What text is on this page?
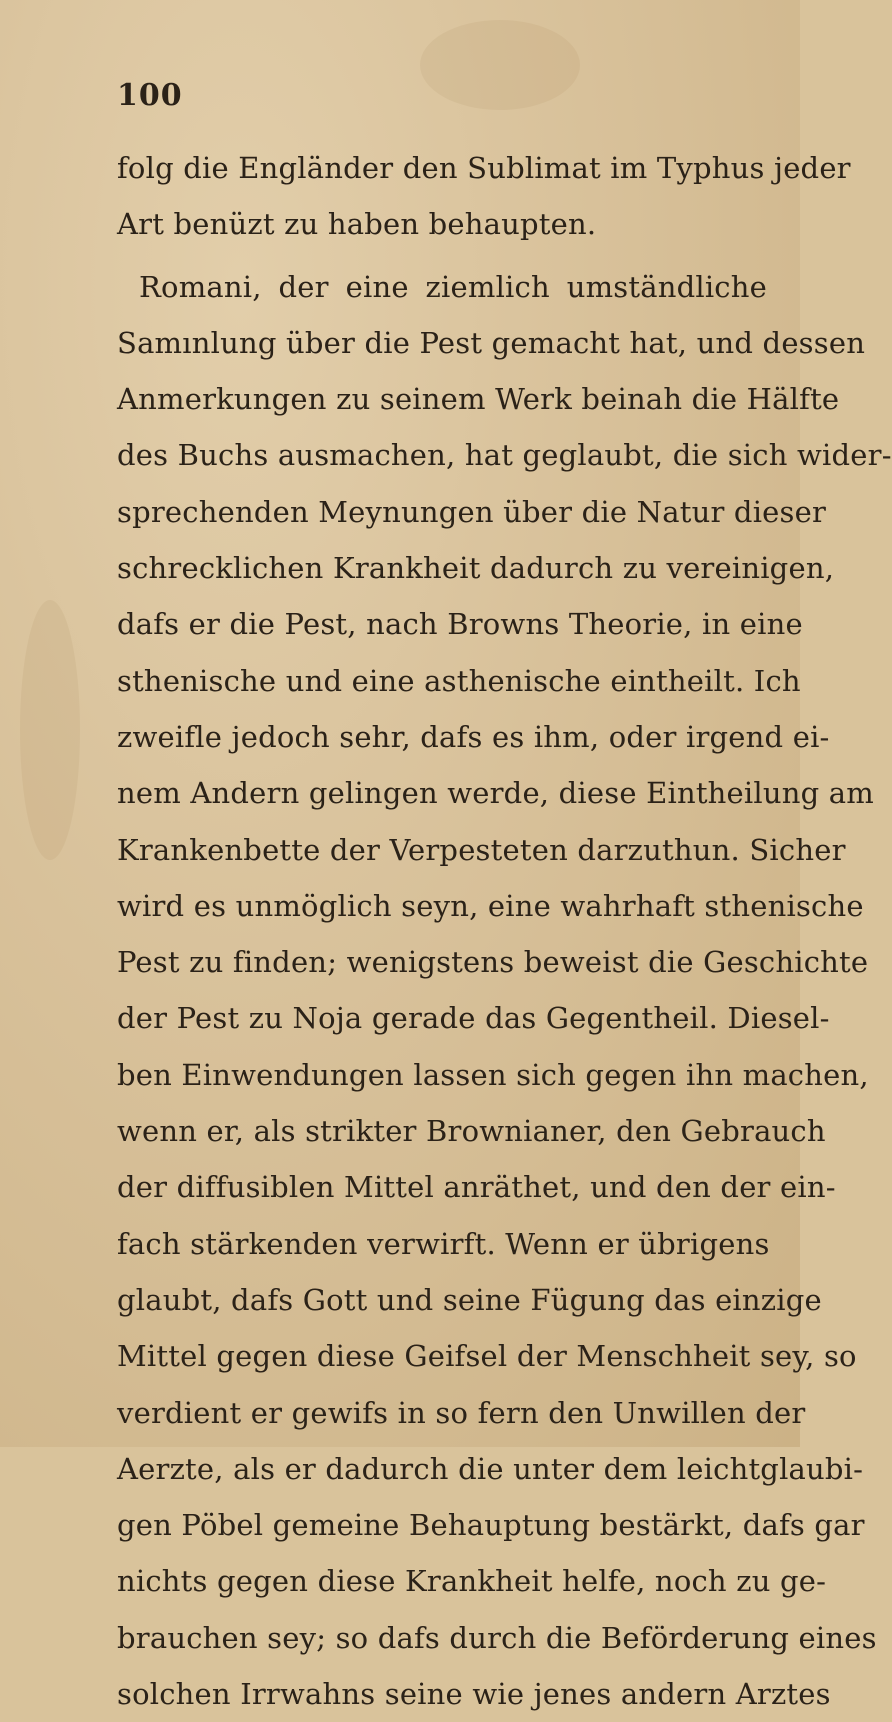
100
folg die Engländer den Sublimat im Typhus jeder
Art benüzt zu haben behaupten.
Romani, der eine ziemlich umständliche
Samınlung über die Pest gemacht hat, und dessen
Anmerkungen zu seinem Werk beinah die Hälfte
des Buchs ausmachen, hat geglaubt, die sich wider-
sprechenden Meynungen über die Natur dieser
schrecklichen Krankheit dadurch zu vereinigen,
dafs er die Pest, nach Browns Theorie, in eine
sthenische und eine asthenische eintheilt. Ich
zweifle jedoch sehr, dafs es ihm, oder irgend ei-
nem Andern gelingen werde, diese Eintheilung am
Krankenbette der Verpesteten darzuthun. Sicher
wird es unmöglich seyn, eine wahrhaft sthenische
Pest zu finden; wenigstens beweist die Geschichte
der Pest zu Noja gerade das Gegentheil. Diesel-
ben Einwendungen lassen sich gegen ihn machen,
wenn er, als strikter Brownianer, den Gebrauch
der diffusiblen Mittel anräthet, und den der ein-
fach stärkenden verwirft. Wenn er übrigens
glaubt, dafs Gott und seine Fügung das einzige
Mittel gegen diese Geifsel der Menschheit sey, so
verdient er gewifs in so fern den Unwillen der
Aerzte, als er dadurch die unter dem leichtglaubi-
gen Pöbel gemeine Behauptung bestärkt, dafs gar
nichts gegen diese Krankheit helfe, noch zu ge-
brauchen sey; so dafs durch die Beförderung eines
solchen Irrwahns seine wie jenes andern Arztes
